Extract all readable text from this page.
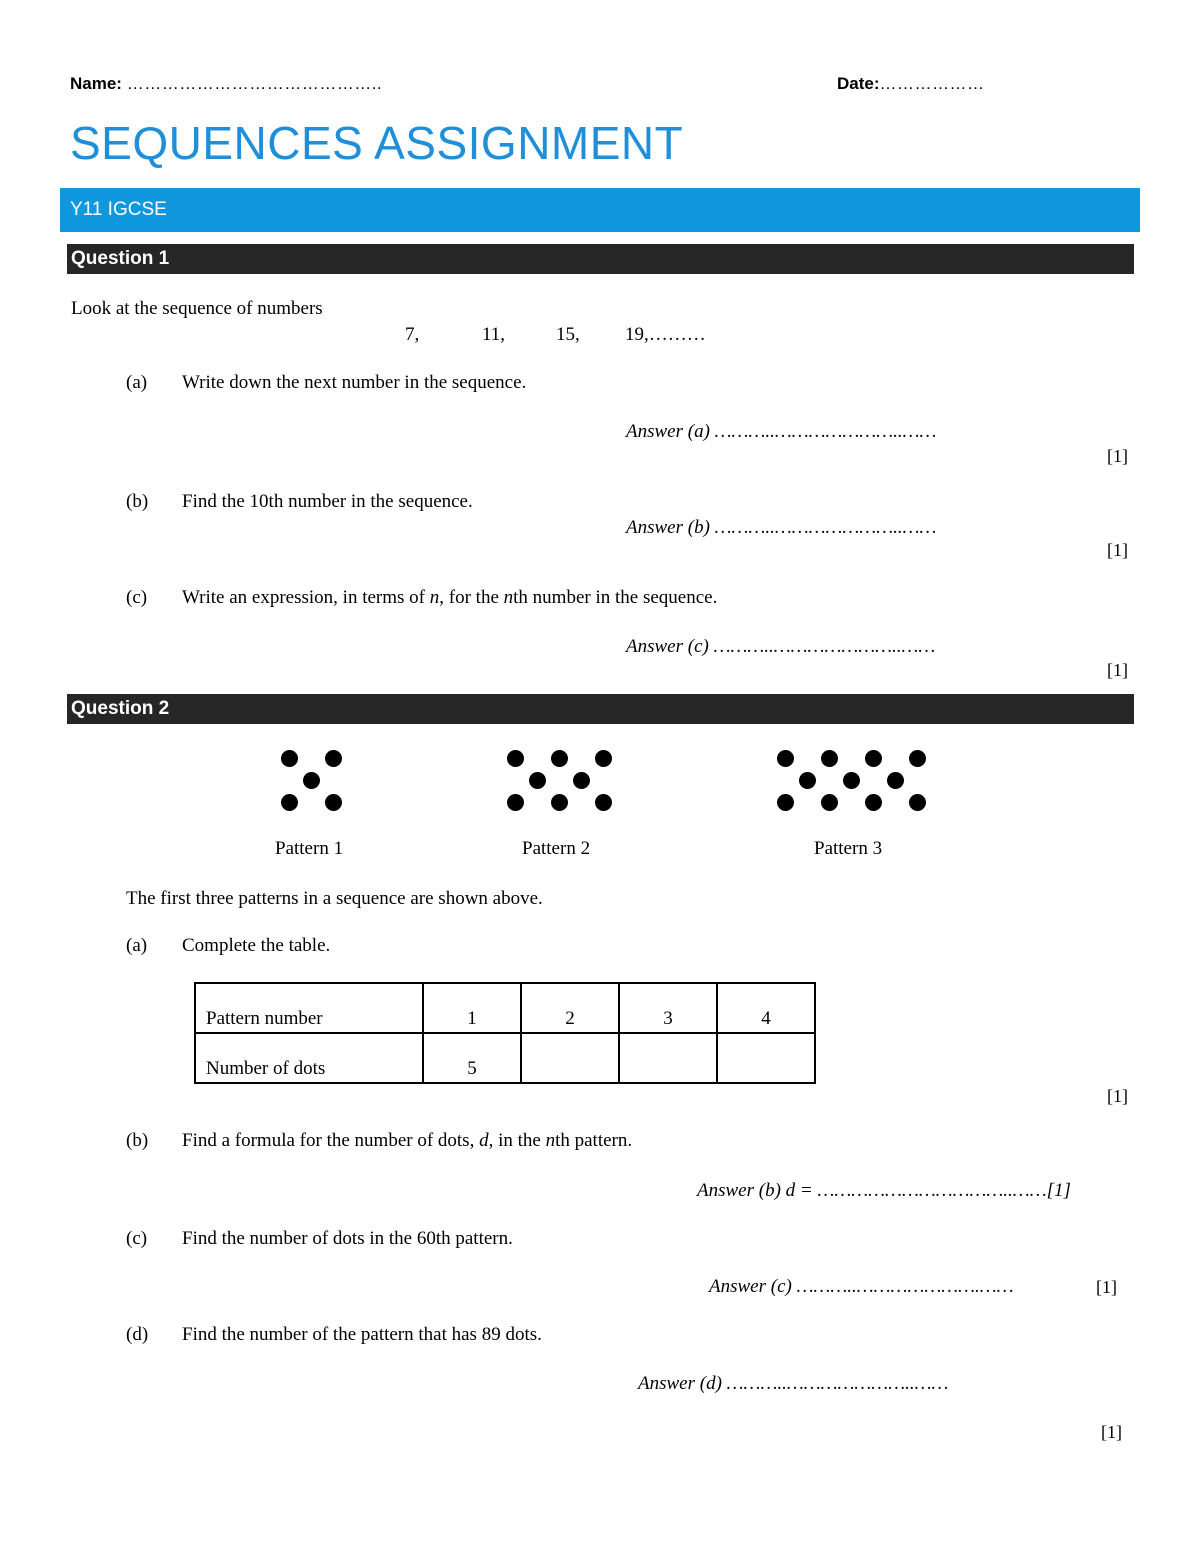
Name: ……………………………………..	Date:………………
SEQUENCES ASSIGNMENT
Y11 IGCSE
Question 1
Look at the sequence of numbers
7,	11,	15, 19,………
(a) Write down the next number in the sequence.
Answer (a) ………..…………………..……
[1]
(b) Find the 10th number in the sequence.
Answer (b) ………..…………………..……
[1]
(c) Write an expression, in terms of n, for the nth number in the sequence.
Answer (c) ………..…………………..……
[1]
Question 2
Pattern 1	Pattern 2	Pattern 3
The first three patterns in a sequence are shown above.
(a) Complete the table.
Pattern number	1	2	3	4
Number of dots	5			
[1]
(b) Find a formula for the number of dots, d, in the nth pattern.
Answer (b) d = ……………………………..……[1]
(c) Find the number of dots in the 60th pattern.
Answer (c) ………..………………….……	[1]
(d) Find the number of the pattern that has 89 dots.
Answer (d) ………..…………………..……
[1]
